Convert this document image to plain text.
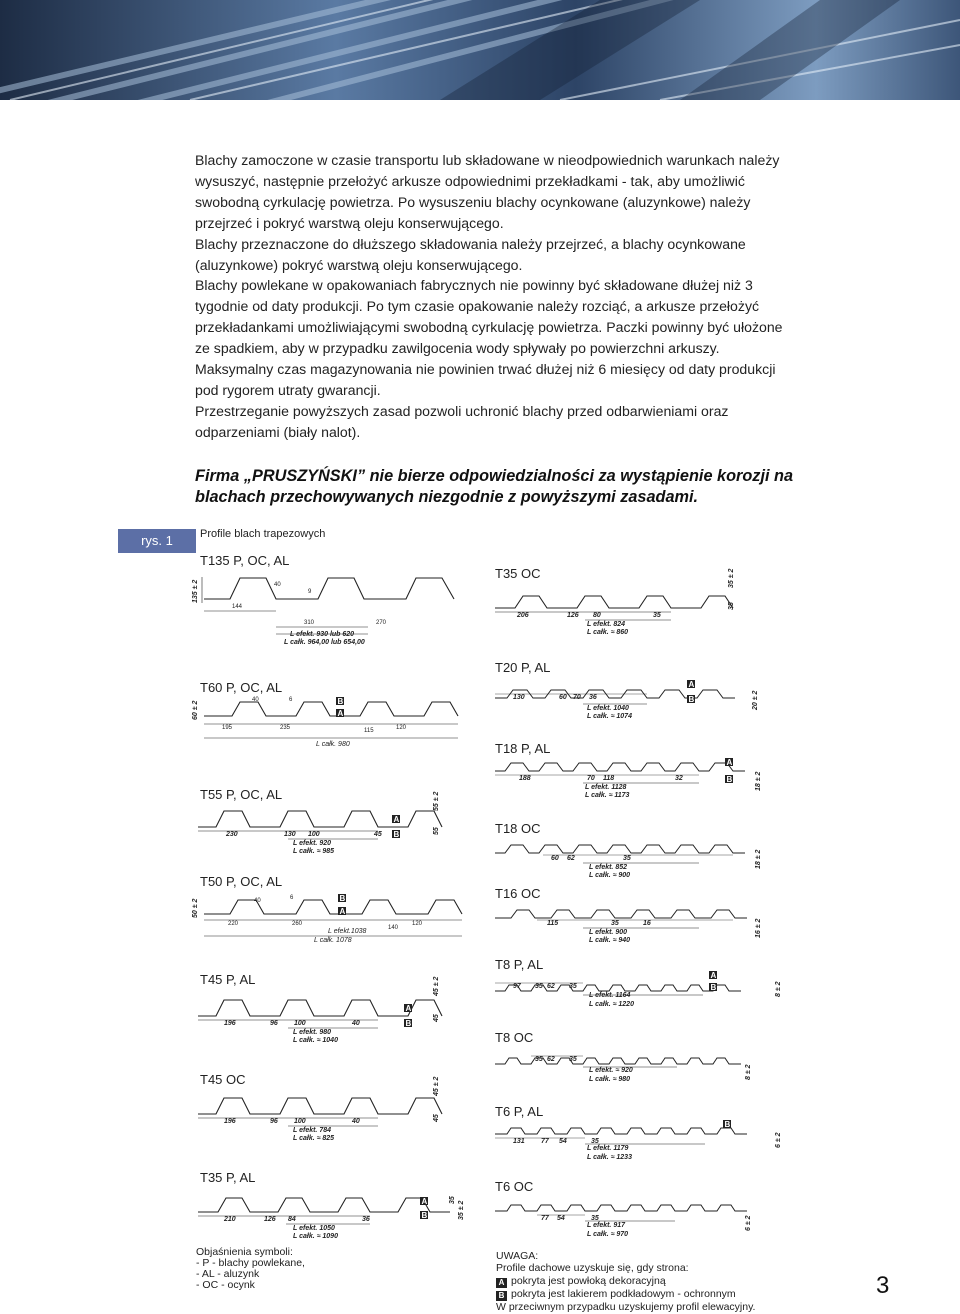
Blachy zamoczone w czasie transportu lub składowane w nieodpowiednich warunkach należy wysuszyć, następnie przełożyć arkusze odpowiednimi przekładkami - tak, aby umożliwić swobodną cyrkulację powietrza. Po wysuszeniu blachy ocynkowane (aluzynkowe) należy przejrzeć i pokryć warstwą oleju konserwującego.

Blachy przeznaczone do dłuższego składowania należy przejrzeć, a blachy ocynkowane (aluzynkowe) pokryć warstwą oleju konserwującego.

Blachy powlekane w opakowaniach fabrycznych nie powinny być składowane dłużej niż 3 tygodnie od daty produkcji. Po tym czasie opakowanie należy rozciąć, a arkusze przełożyć przekładankami umożliwiającymi swobodną cyrkulację powietrza. Paczki powinny być ułożone ze spadkiem, aby w przypadku zawilgocenia wody spływały po powierzchni arkuszy. Maksymalny czas magazynowania nie powinien trwać dłużej niż 6 miesięcy od daty produkcji pod rygorem utraty gwarancji.

Przestrzeganie powyższych zasad pozwoli uchronić blachy przed odbarwieniami oraz odparzeniami (biały nalot).

Firma „PRUSZYŃSKI” nie bierze odpowiedzialności za wystąpienie korozji na blachach przechowywanych niezgodnie z powyższymi zasadami.
rys. 1	Profile blach trapezowych
T135 P, OC, AL
135 ± 2	40
9
144
310	270
L efekt. 930 lub 620
L całk. 964,00 lub 654,00
T60 P, OC, AL
60 ± 2
40	6	B
A
195	235	115	120
L całk. 980
T55 P, OC, AL
A
B
55 ± 2
55
230	130 100	45
L efekt. 920
L całk. ≈ 985
T50 P, OC, AL
50 ± 2	40	6	B
A
220	260
140
120
L efekt.1038
L całk. 1078
T45 P, AL
A
B
45 ± 2
45
196	96 100	40
L efekt. 980
L całk. ≈ 1040
T45 OC	45 ± 2
45
196	96 100	40
L efekt. 784
L całk. ≈ 825
T35 P, AL
A
B	35 ± 2
35
210	126 84	36
L efekt. 1050
L całk. ≈ 1090
T35 OC	35 ± 2
35
206	126 80	35
L efekt. 824
L całk. ≈ 860
T20 P, AL
A
B	20 ± 2
130	60 70 36
L efekt. 1040
L całk. ≈ 1074
T18 P, AL
A
B	18 ± 2
188	70 118	32
L efekt. 1128
L całk. ≈ 1173
T18 OC
18 ± 2
60 62	35
L efekt. 852
L całk. ≈ 900
T16 OC
16 ± 2
115	35	16
L efekt. 900
L całk. ≈ 940
T8 P, AL
A
B	8 ± 2
97 35 62 35
L efekt. 1164
L całk. ≈ 1220
T8 OC
8 ± 2
35 62 35
L efekt. ≈ 920
L całk. ≈ 980
T6 P, AL
B
6 ± 2
131 77 54	35
L efekt. 1179
L całk. ≈ 1233
T6 OC
6 ± 2
77 54	35
L efekt. 917
L całk. ≈ 970
Objaśnienia symboli:
- P - blachy powlekane,
- AL - aluzynk
- OC - ocynk
UWAGA:
Profile dachowe uzyskuje się, gdy strona:
A pokryta jest powłoką dekoracyjną
B pokryta jest lakierem podkładowym - ochronnym
W przeciwnym przypadku uzyskujemy profil elewacyjny.
3
